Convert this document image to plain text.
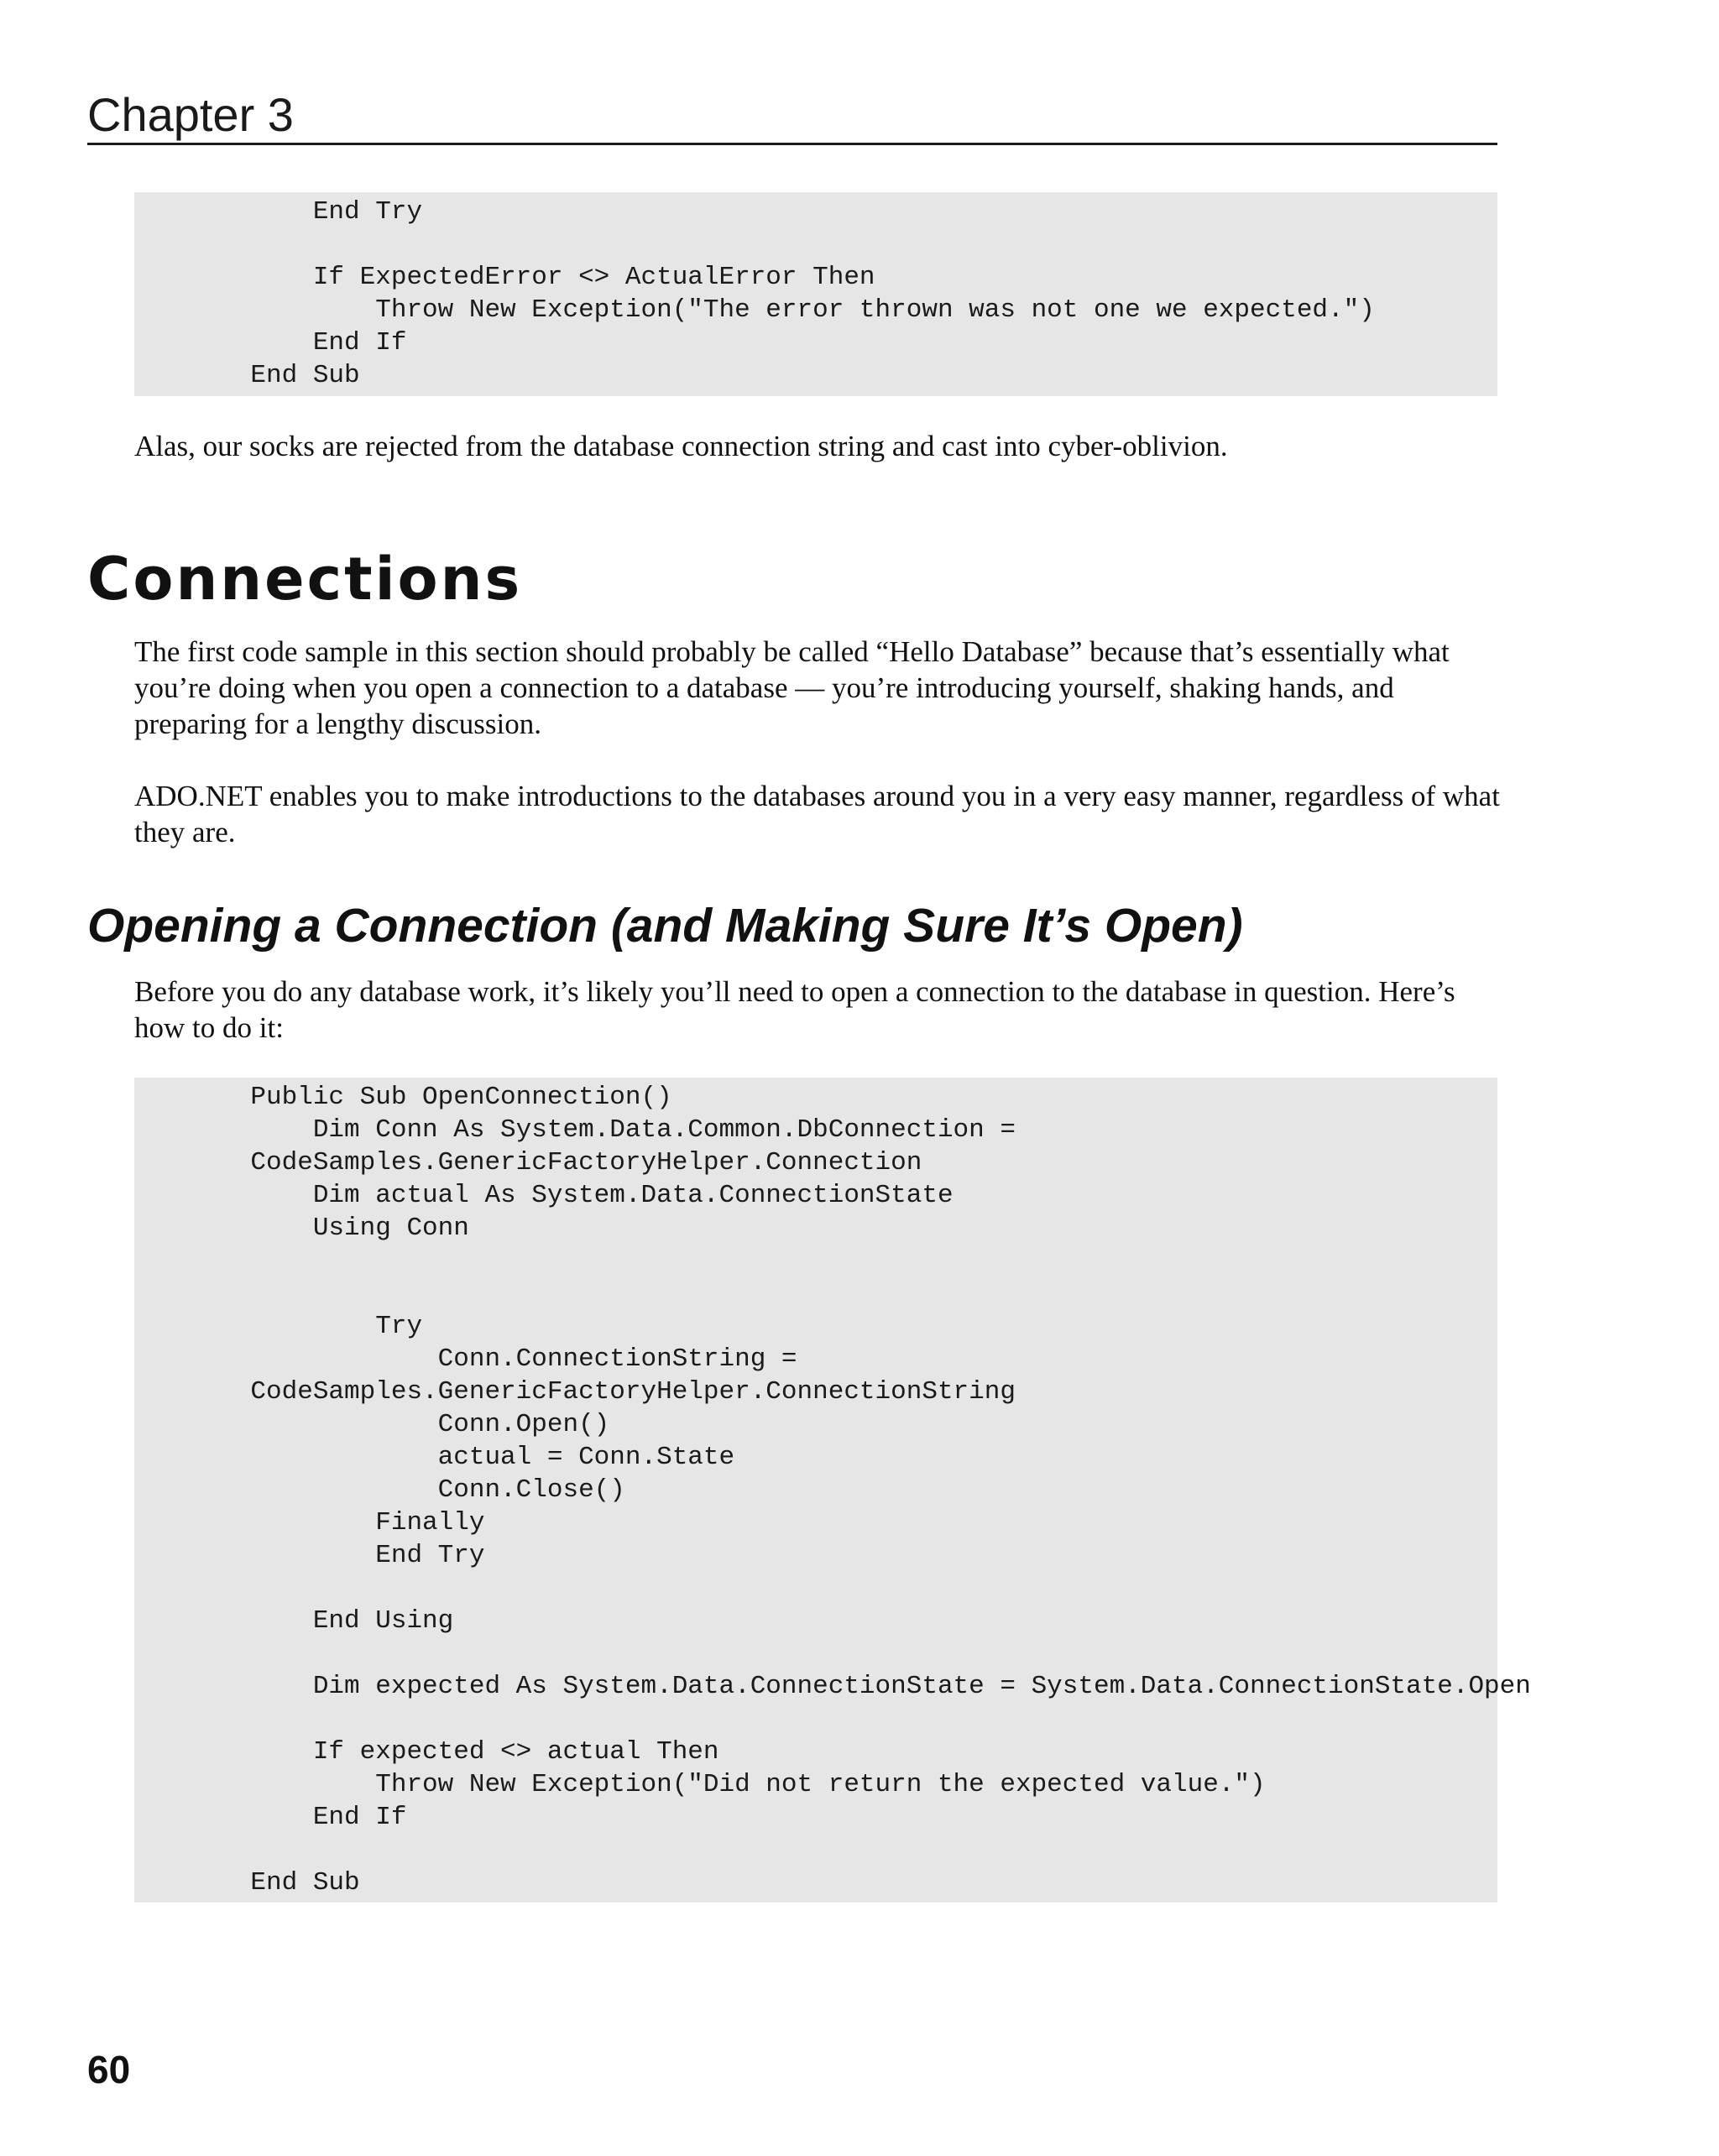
Chapter 3
End Try
If ExpectedError <> ActualError Then
Throw New Exception("The error thrown was not one we expected.")
End If
End Sub

Alas, our socks are rejected from the database connection string and cast into cyber-oblivion.

Connections

The first code sample in this section should probably be called “Hello Database” because that’s essentially what you’re doing when you open a connection to a database — you’re introducing yourself, shaking hands, and preparing for a lengthy discussion.

ADO.NET enables you to make introductions to the databases around you in a very easy manner, regardless of what they are.

Opening a Connection (and Making Sure It’s Open)

Before you do any database work, it’s likely you’ll need to open a connection to the database in question. Here’s how to do it:

Public Sub OpenConnection()
Dim Conn As System.Data.Common.DbConnection =
CodeSamples.GenericFactoryHelper.Connection
Dim actual As System.Data.ConnectionState
Using Conn
Try
Conn.ConnectionString =
CodeSamples.GenericFactoryHelper.ConnectionString
Conn.Open()
actual = Conn.State
Conn.Close()
Finally
End Try
End Using
Dim expected As System.Data.ConnectionState = System.Data.ConnectionState.Open
If expected <> actual Then
Throw New Exception("Did not return the expected value.")
End If
End Sub
60
